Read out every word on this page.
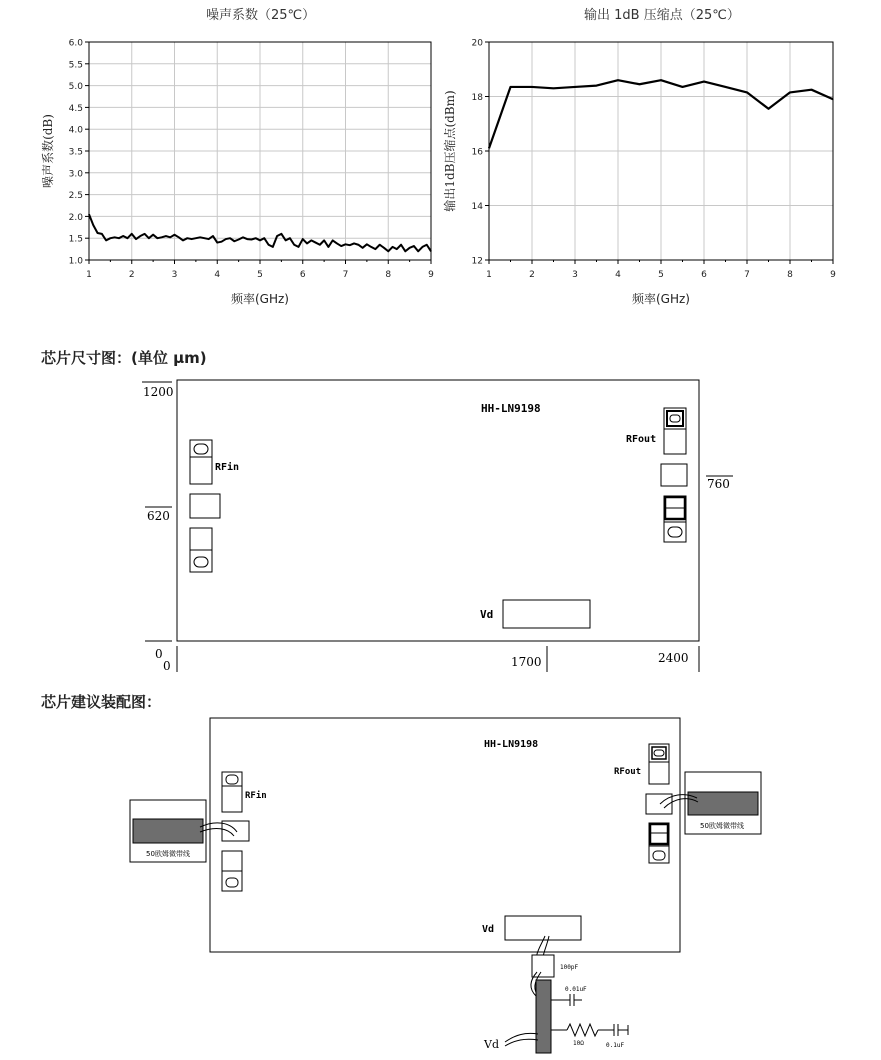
噪声系数（25℃）
1	2	3	4	5	6	7	8	9
1.0
1.5
2.0
2.5
3.0
3.5
4.0
4.5
5.0
5.5
6.0
频率(GHz)
噪声系数(dB)
输出 1dB 压缩点（25℃）
1	2	3	4	5	6	7	8	9
12
14
16
18
20
频率(GHz)
输出1dB压缩点(dBm)
芯片尺寸图：(单位 μm)
HH-LN9198
RFin
RFout
Vd
1200
620
0
0	1700	2400
760
芯片建议装配图：
HH-LN9198
RFin
50欧姆微带线
RFout
50欧姆微带线
Vd
100pF
0.01uF
10Ω	0.1uF
Vd
